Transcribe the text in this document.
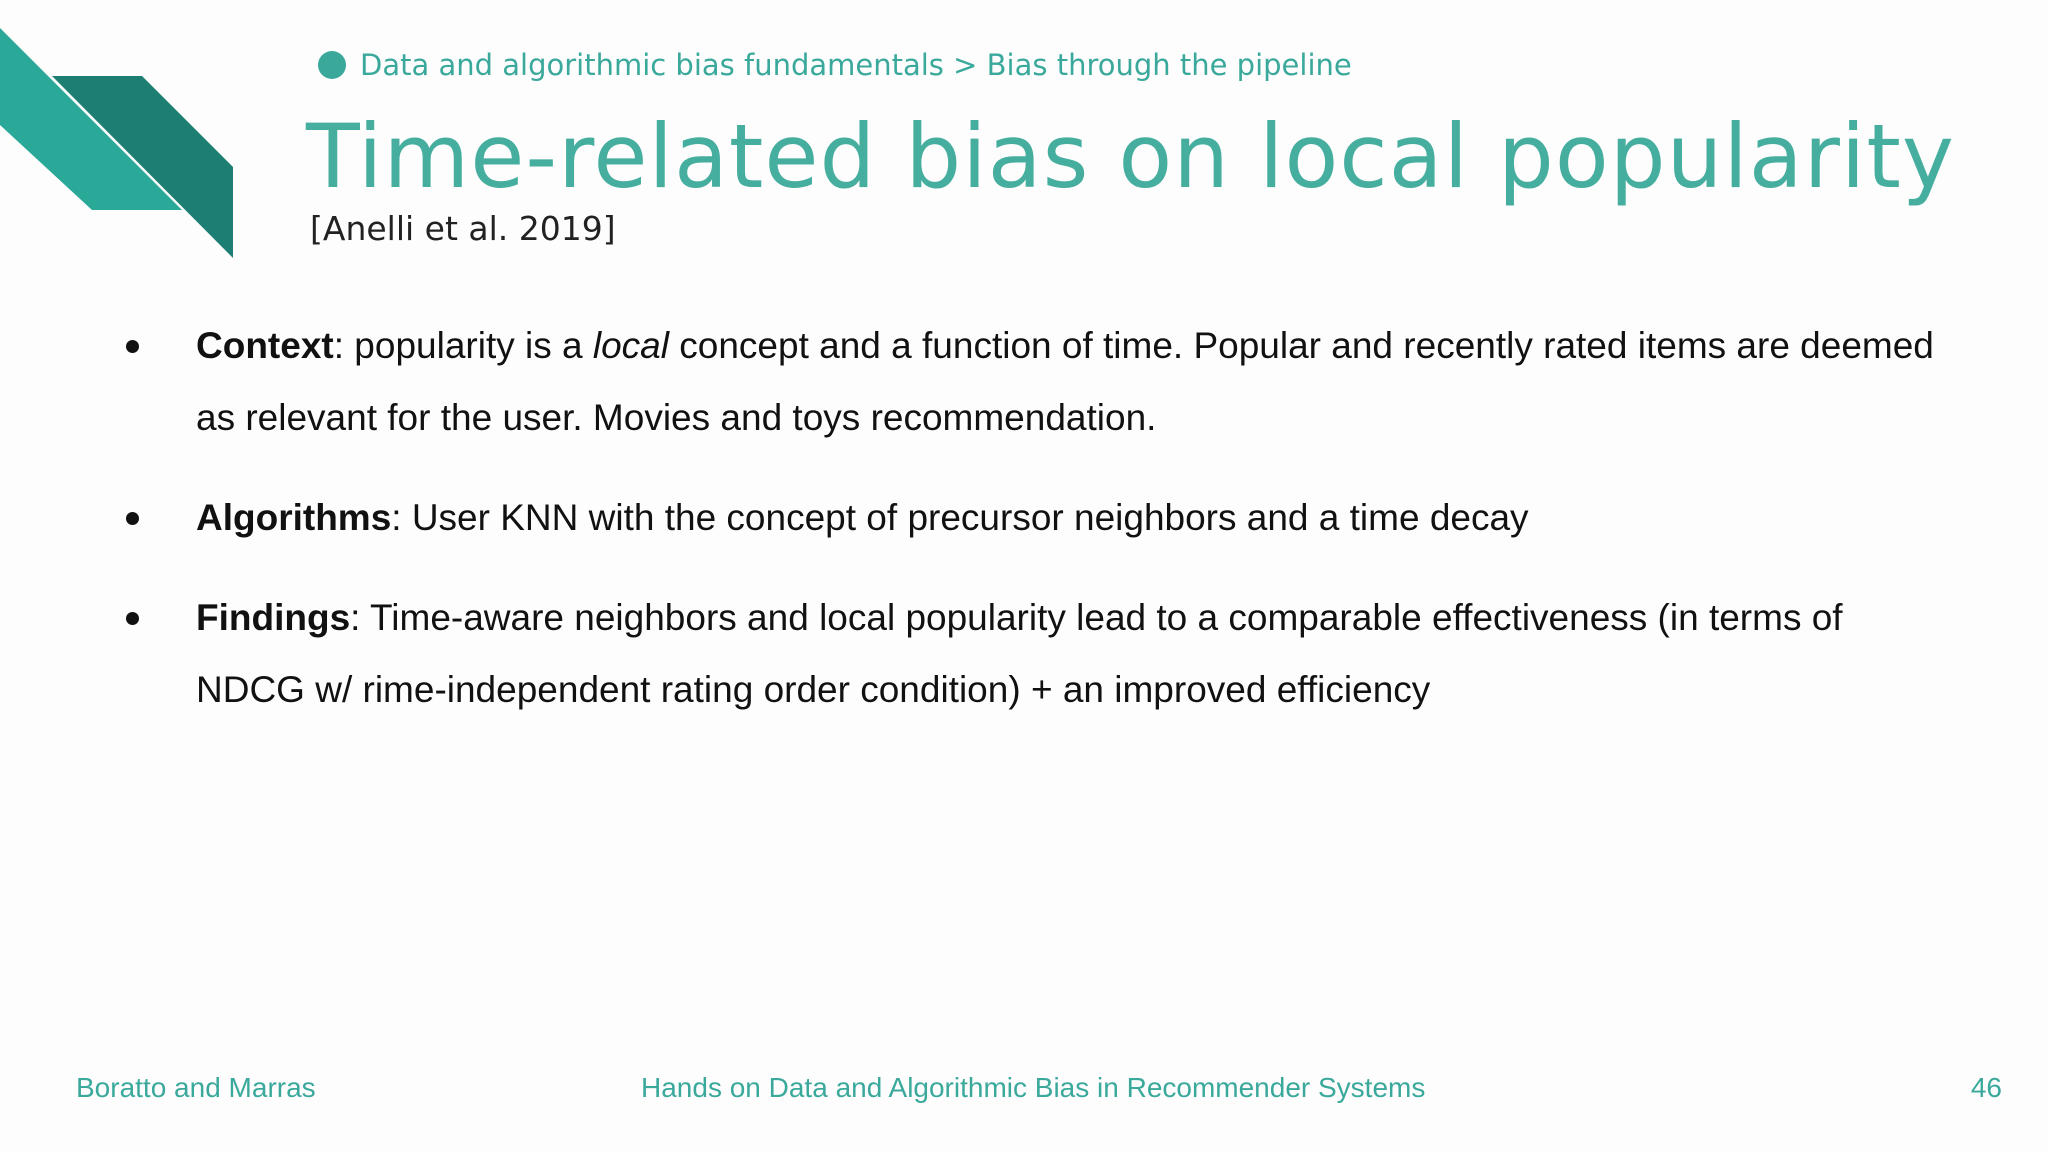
Data and algorithmic bias fundamentals > Bias through the pipeline
Time-related bias on local popularity
[Anelli et al. 2019]
Context: popularity is a local concept and a function of time. Popular and recently rated items are deemed as relevant for the user. Movies and toys recommendation.
Algorithms: User KNN with the concept of precursor neighbors and a time decay
Findings: Time-aware neighbors and local popularity lead to a comparable effectiveness (in terms of NDCG w/ rime-independent rating order condition) + an improved efficiency
Boratto and Marras	Hands on Data and Algorithmic Bias in Recommender Systems	46
